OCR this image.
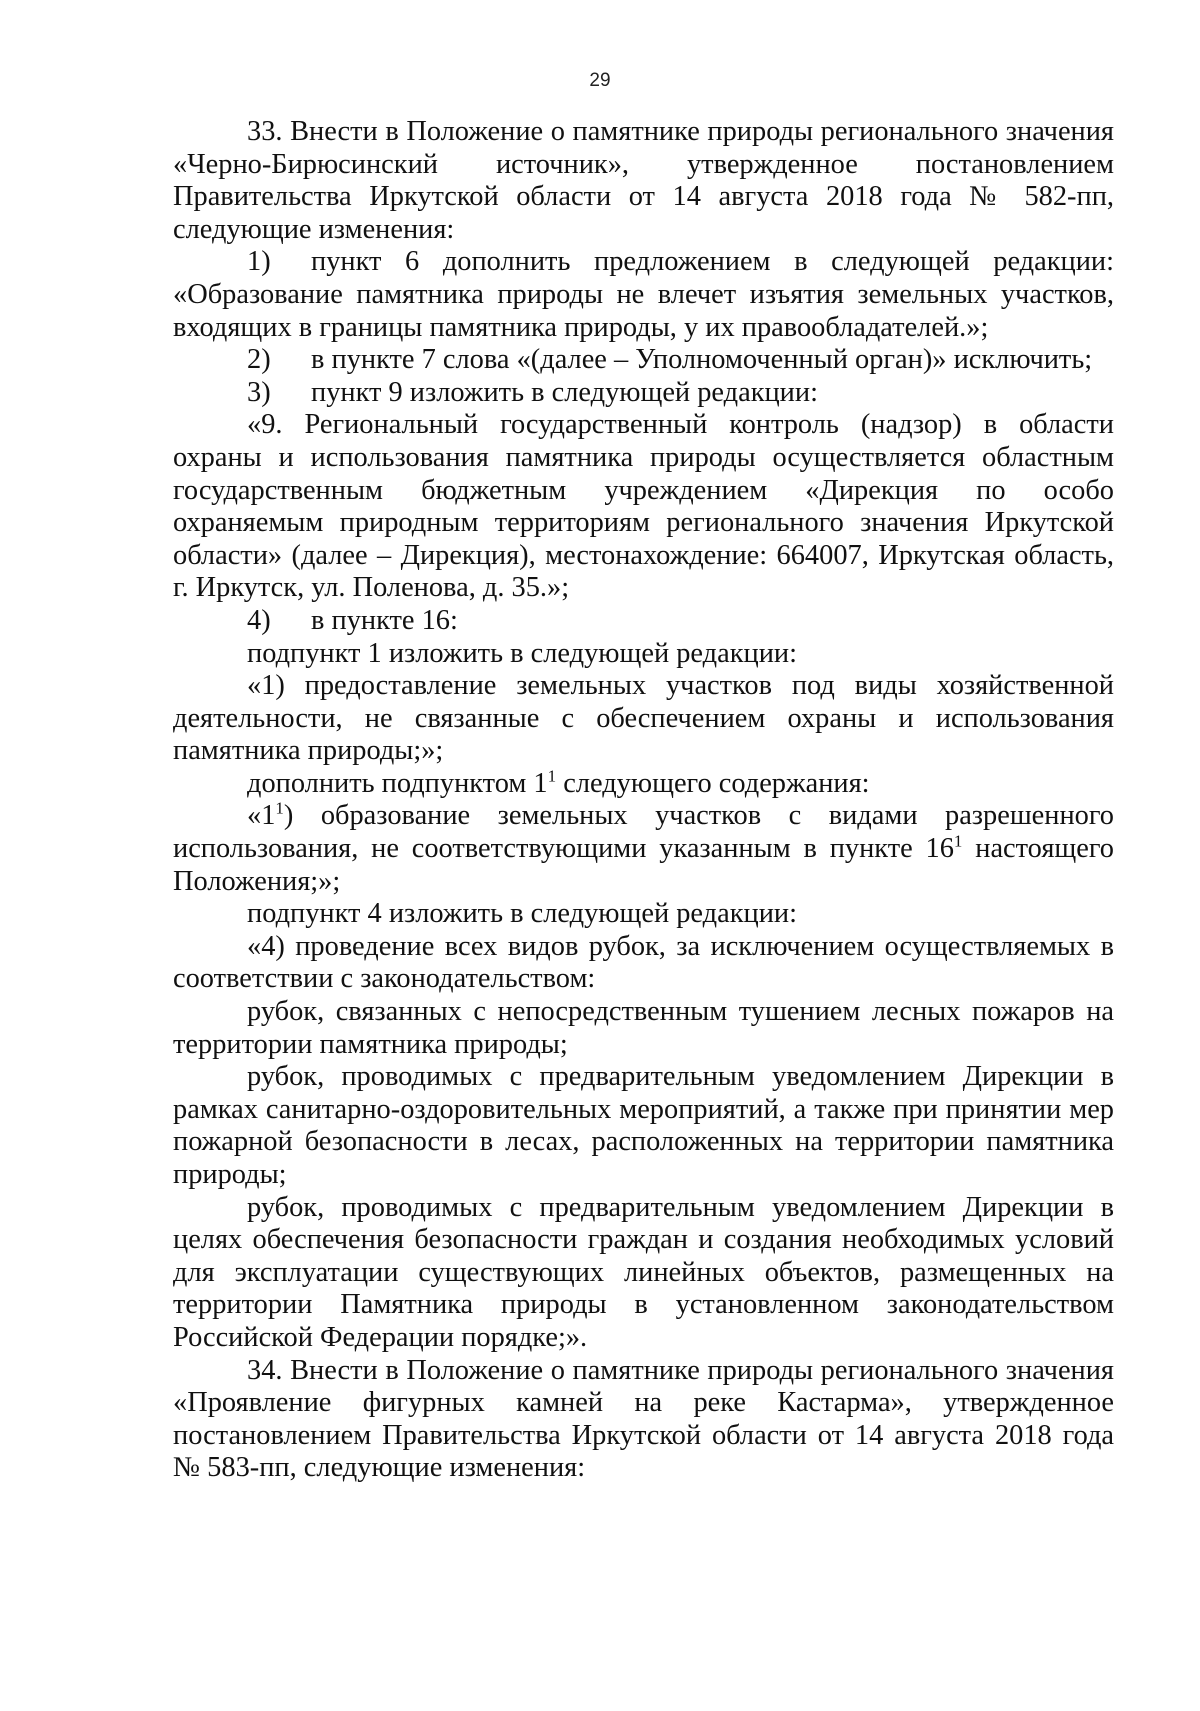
29

33. Внести в Положение о памятнике природы регионального значения «Черно-Бирюсинский источник», утвержденное постановлением Правительства Иркутской области от 14 августа 2018 года № 582-пп, следующие изменения:

1) пункт 6 дополнить предложением в следующей редакции: «Образование памятника природы не влечет изъятия земельных участков, входящих в границы памятника природы, у их правообладателей.»;

2) в пункте 7 слова «(далее – Уполномоченный орган)» исключить;

3) пункт 9 изложить в следующей редакции:

«9. Региональный государственный контроль (надзор) в области охраны и использования памятника природы осуществляется областным государственным бюджетным учреждением «Дирекция по особо охраняемым природным территориям регионального значения Иркутской области» (далее – Дирекция), местонахождение: 664007, Иркутская область, г. Иркутск, ул. Поленова, д. 35.»;

4) в пункте 16:

подпункт 1 изложить в следующей редакции:

«1) предоставление земельных участков под виды хозяйственной деятельности, не связанные с обеспечением охраны и использования памятника природы;»;

дополнить подпунктом $1^1$ следующего содержания:

«$1^1$) образование земельных участков с видами разрешенного использования, не соответствующими указанным в пункте $16^1$ настоящего Положения;»;

подпункт 4 изложить в следующей редакции:

«4) проведение всех видов рубок, за исключением осуществляемых в соответствии с законодательством:

рубок, связанных с непосредственным тушением лесных пожаров на территории памятника природы;

рубок, проводимых с предварительным уведомлением Дирекции в рамках санитарно-оздоровительных мероприятий, а также при принятии мер пожарной безопасности в лесах, расположенных на территории памятника природы;

рубок, проводимых с предварительным уведомлением Дирекции в целях обеспечения безопасности граждан и создания необходимых условий для эксплуатации существующих линейных объектов, размещенных на территории Памятника природы в установленном законодательством Российской Федерации порядке;».

34. Внести в Положение о памятнике природы регионального значения «Проявление фигурных камней на реке Кастарма», утвержденное постановлением Правительства Иркутской области от 14 августа 2018 года № 583-пп, следующие изменения:
